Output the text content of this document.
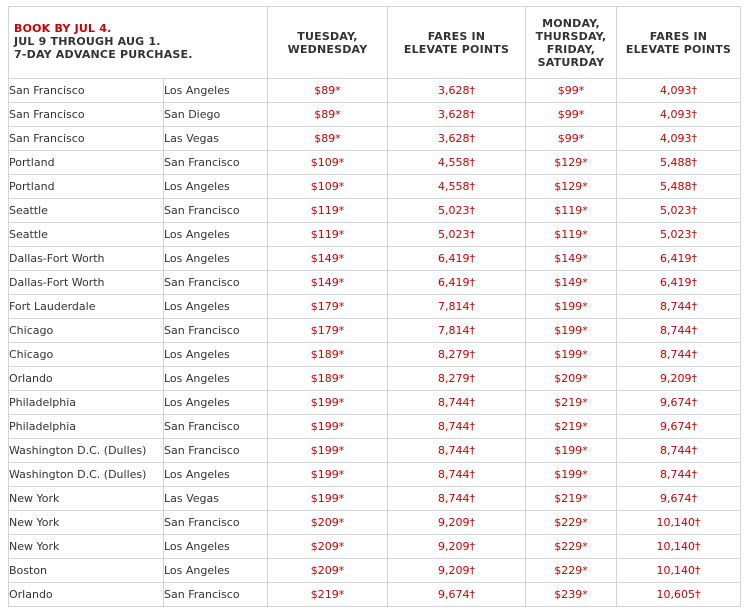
BOOK BY JUL 4.
JUL 9 THROUGH AUG 1.
7-DAY ADVANCE PURCHASE.		TUESDAY,
WEDNESDAY	FARES IN
ELEVATE POINTS	MONDAY,
THURSDAY,
FRIDAY,
SATURDAY	FARES IN
ELEVATE POINTS
San Francisco	Los Angeles	$89*	3,628†	$99*	4,093†
San Francisco	San Diego	$89*	3,628†	$99*	4,093†
San Francisco	Las Vegas	$89*	3,628†	$99*	4,093†
Portland	San Francisco	$109*	4,558†	$129*	5,488†
Portland	Los Angeles	$109*	4,558†	$129*	5,488†
Seattle	San Francisco	$119*	5,023†	$119*	5,023†
Seattle	Los Angeles	$119*	5,023†	$119*	5,023†
Dallas-Fort Worth	Los Angeles	$149*	6,419†	$149*	6,419†
Dallas-Fort Worth	San Francisco	$149*	6,419†	$149*	6,419†
Fort Lauderdale	Los Angeles	$179*	7,814†	$199*	8,744†
Chicago	San Francisco	$179*	7,814†	$199*	8,744†
Chicago	Los Angeles	$189*	8,279†	$199*	8,744†
Orlando	Los Angeles	$189*	8,279†	$209*	9,209†
Philadelphia	Los Angeles	$199*	8,744†	$219*	9,674†
Philadelphia	San Francisco	$199*	8,744†	$219*	9,674†
Washington D.C. (Dulles)	San Francisco	$199*	8,744†	$199*	8,744†
Washington D.C. (Dulles)	Los Angeles	$199*	8,744†	$199*	8,744†
New York	Las Vegas	$199*	8,744†	$219*	9,674†
New York	San Francisco	$209*	9,209†	$229*	10,140†
New York	Los Angeles	$209*	9,209†	$229*	10,140†
Boston	Los Angeles	$209*	9,209†	$229*	10,140†
Orlando	San Francisco	$219*	9,674†	$239*	10,605†
